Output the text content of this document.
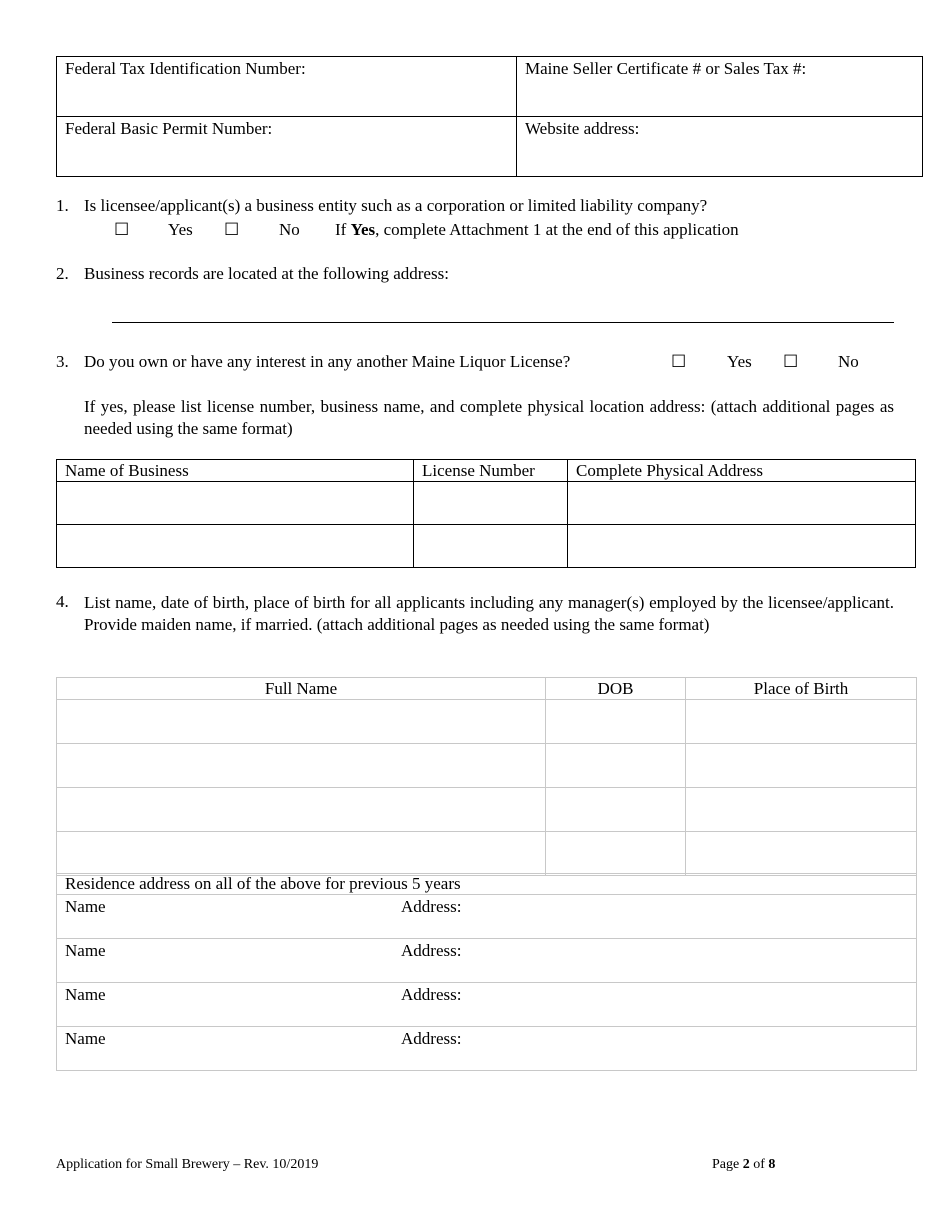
Federal Tax Identification Number:	Maine Seller Certificate # or Sales Tax #:
Federal Basic Permit Number:	Website address:
1. Is licensee/applicant(s) a business entity such as a corporation or limited liability company?
☐ Yes ☐ No If Yes, complete Attachment 1 at the end of this application
2. Business records are located at the following address:
3. Do you own or have any interest in any another Maine Liquor License?	☐ Yes ☐ No
If yes, please list license number, business name, and complete physical location address: (attach additional pages as needed using the same format)
Name of Business	License Number	Complete Physical Address

4. List name, date of birth, place of birth for all applicants including any manager(s) employed by the licensee/applicant. Provide maiden name, if married. (attach additional pages as needed using the same format)
Full Name	DOB	Place of Birth

Residence address on all of the above for previous 5 years
Name	Address:
Name	Address:
Name	Address:
Name	Address:
Application for Small Brewery – Rev. 10/2019	Page 2 of 8
